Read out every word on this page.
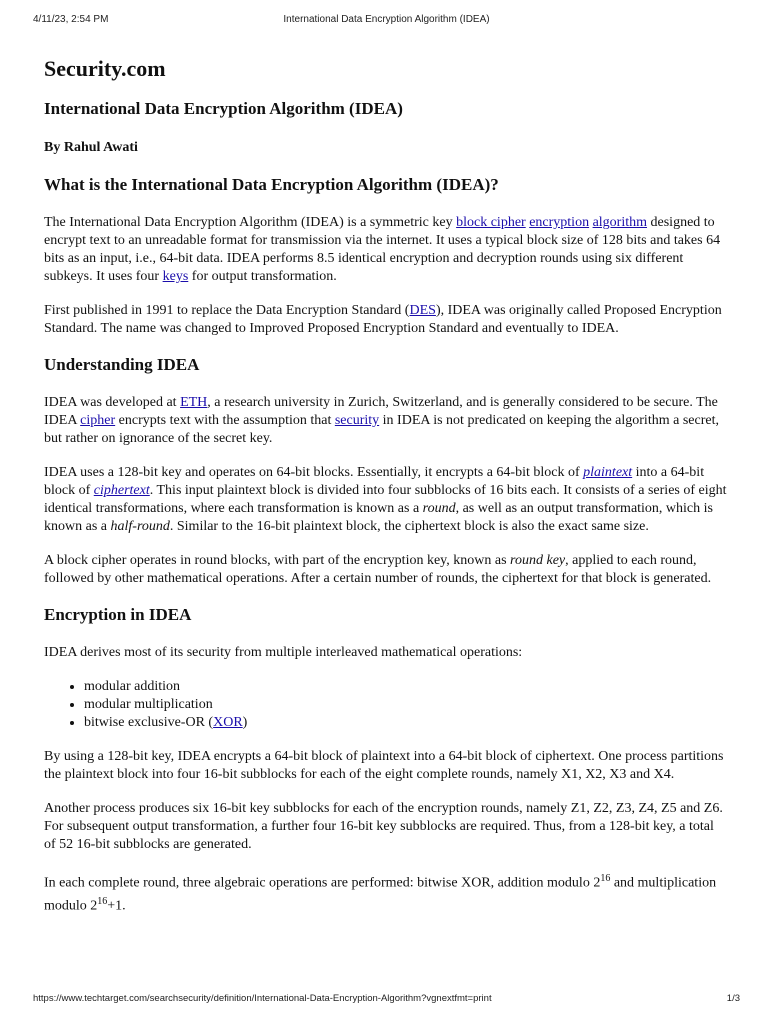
4/11/23, 2:54 PM	International Data Encryption Algorithm (IDEA)
Security.com
International Data Encryption Algorithm (IDEA)
By Rahul Awati
What is the International Data Encryption Algorithm (IDEA)?

The International Data Encryption Algorithm (IDEA) is a symmetric key block cipher encryption algorithm designed to encrypt text to an unreadable format for transmission via the internet. It uses a typical block size of 128 bits and takes 64 bits as an input, i.e., 64-bit data. IDEA performs 8.5 identical encryption and decryption rounds using six different subkeys. It uses four keys for output transformation.

First published in 1991 to replace the Data Encryption Standard (DES), IDEA was originally called Proposed Encryption Standard. The name was changed to Improved Proposed Encryption Standard and eventually to IDEA.

Understanding IDEA

IDEA was developed at ETH, a research university in Zurich, Switzerland, and is generally considered to be secure. The IDEA cipher encrypts text with the assumption that security in IDEA is not predicated on keeping the algorithm a secret, but rather on ignorance of the secret key.

IDEA uses a 128-bit key and operates on 64-bit blocks. Essentially, it encrypts a 64-bit block of plaintext into a 64-bit block of ciphertext. This input plaintext block is divided into four subblocks of 16 bits each. It consists of a series of eight identical transformations, where each transformation is known as a round, as well as an output transformation, which is known as a half-round. Similar to the 16-bit plaintext block, the ciphertext block is also the exact same size.

A block cipher operates in round blocks, with part of the encryption key, known as round key, applied to each round, followed by other mathematical operations. After a certain number of rounds, the ciphertext for that block is generated.

Encryption in IDEA

IDEA derives most of its security from multiple interleaved mathematical operations:

• modular addition
• modular multiplication
• bitwise exclusive-OR (XOR)

By using a 128-bit key, IDEA encrypts a 64-bit block of plaintext into a 64-bit block of ciphertext. One process partitions the plaintext block into four 16-bit subblocks for each of the eight complete rounds, namely X1, X2, X3 and X4.

Another process produces six 16-bit key subblocks for each of the encryption rounds, namely Z1, Z2, Z3, Z4, Z5 and Z6. For subsequent output transformation, a further four 16-bit key subblocks are required. Thus, from a 128-bit key, a total of 52 16-bit subblocks are generated.

In each complete round, three algebraic operations are performed: bitwise XOR, addition modulo $2^{16}$ and multiplication modulo $2^{16}+1$.

https://www.techtarget.com/searchsecurity/definition/International-Data-Encryption-Algorithm?vgnextfmt=print	1/3
